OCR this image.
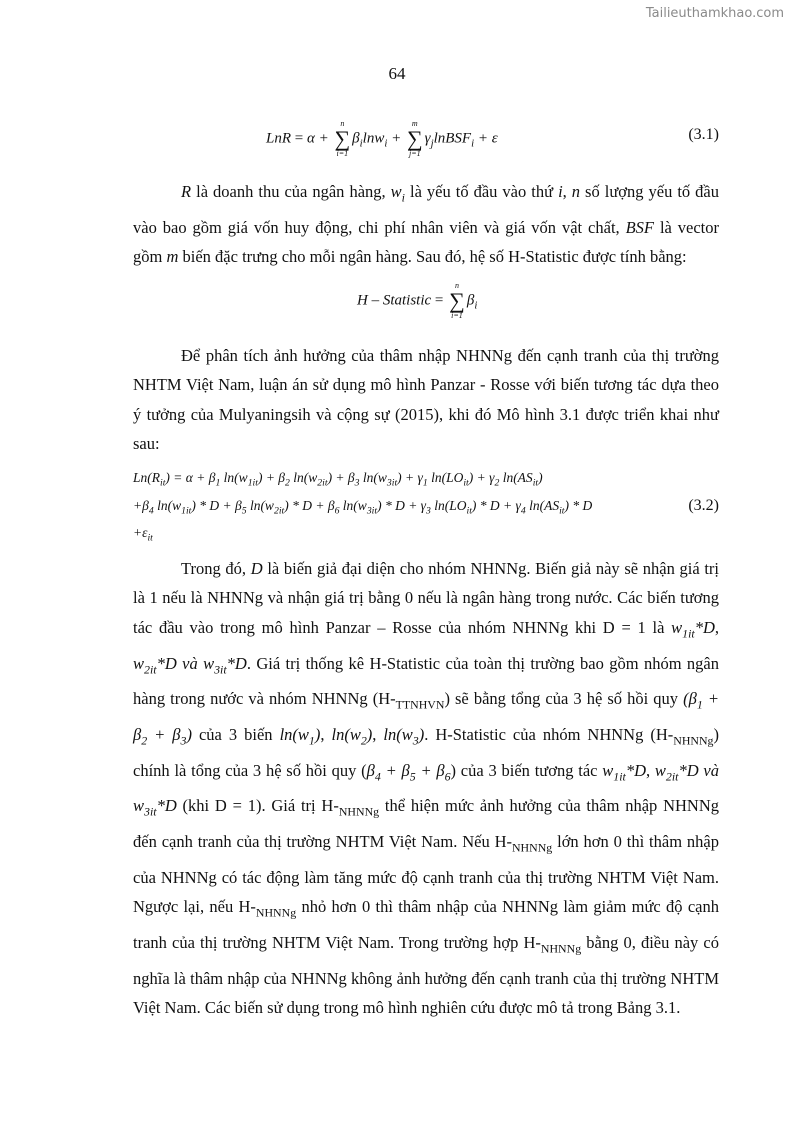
Tailieuthamkhao.com
64
LnR = α +
n
∑
i=1
$\beta_i\ln w_i$ +
m
∑
j=1
$\gamma_jlnBSF_i + \varepsilon$	(3.1)

R là doanh thu của ngân hàng, $w_i$ là yếu tố đầu vào thứ i, n số lượng yếu tố đầu vào bao gồm giá vốn huy động, chi phí nhân viên và giá vốn vật chất, BSF là vector gồm m biến đặc trưng cho mỗi ngân hàng. Sau đó, hệ số H-Statistic được tính bằng:

H – Statistic =
n
∑
i=1
$\beta_i$

Để phân tích ảnh hưởng của thâm nhập NHNNg đến cạnh tranh của thị trường NHTM Việt Nam, luận án sử dụng mô hình Panzar - Rosse với biến tương tác dựa theo ý tưởng của Mulyaningsih và cộng sự (2015), khi đó Mô hình 3.1 được triển khai như sau:

$Ln(R_{it}) = \alpha + \beta_1$ $\ln(w_{1it}) + \beta_2$ $\ln(w_{2it}) + \beta_3$ $\ln(w_{3it}) + \gamma_1$ $\ln(LO_{it}) + \gamma_2$ $\ln(AS_{it})$
$+\beta_4$ $\ln(w_{1it}) * D + \beta_5$ $\ln(w_{2it}) * D + \beta_6$ $\ln(w_{3it}) * D + \gamma_3$ $\ln(LO_{it}) * D + \gamma_4$ $\ln(AS_{it})$ * D
$+\varepsilon_{it}$
(3.2)

Trong đó, D là biến giả đại diện cho nhóm NHNNg. Biến giả này sẽ nhận giá trị là 1 nếu là NHNNg và nhận giá trị bằng 0 nếu là ngân hàng trong nước. Các biến tương tác đầu vào trong mô hình Panzar – Rosse của nhóm NHNNg khi D = 1 là $w_{1it}*D$, $w_{2it}*D$ và $w_{3it}*D$. Giá trị thống kê H-Statistic của toàn thị trường bao gồm nhóm ngân hàng trong nước và nhóm NHNNg $(H-_{TTNHVN})$ sẽ bằng tổng của 3 hệ số hồi quy $(\beta_1 + \beta_2 + \beta_3)$ của 3 biến $\ln(w_1)$, $\ln(w_2)$, $\ln(w_3)$. H-Statistic của nhóm NHNNg $(H-_{NHNNg})$ chính là tổng của 3 hệ số hồi quy $(\beta_4 + \beta_5 + \beta_6)$ của 3 biến tương tác $w_{1it}*D$, $w_{2it}*D$ và $w_{3it}*D$ (khi D = 1). Giá trị $H-_{NHNNg}$ thể hiện mức ảnh hưởng của thâm nhập NHNNg đến cạnh tranh của thị trường NHTM Việt Nam. Nếu $H-_{NHNNg}$ lớn hơn 0 thì thâm nhập của NHNNg có tác động làm tăng mức độ cạnh tranh của thị trường NHTM Việt Nam. Ngược lại, nếu $H-_{NHNNg}$ nhỏ hơn 0 thì thâm nhập của NHNNg làm giảm mức độ cạnh tranh của thị trường NHTM Việt Nam. Trong trường hợp $H-_{NHNNg}$ bằng 0, điều này có nghĩa là thâm nhập của NHNNg không ảnh hưởng đến cạnh tranh của thị trường NHTM Việt Nam. Các biến sử dụng trong mô hình nghiên cứu được mô tả trong Bảng 3.1.
